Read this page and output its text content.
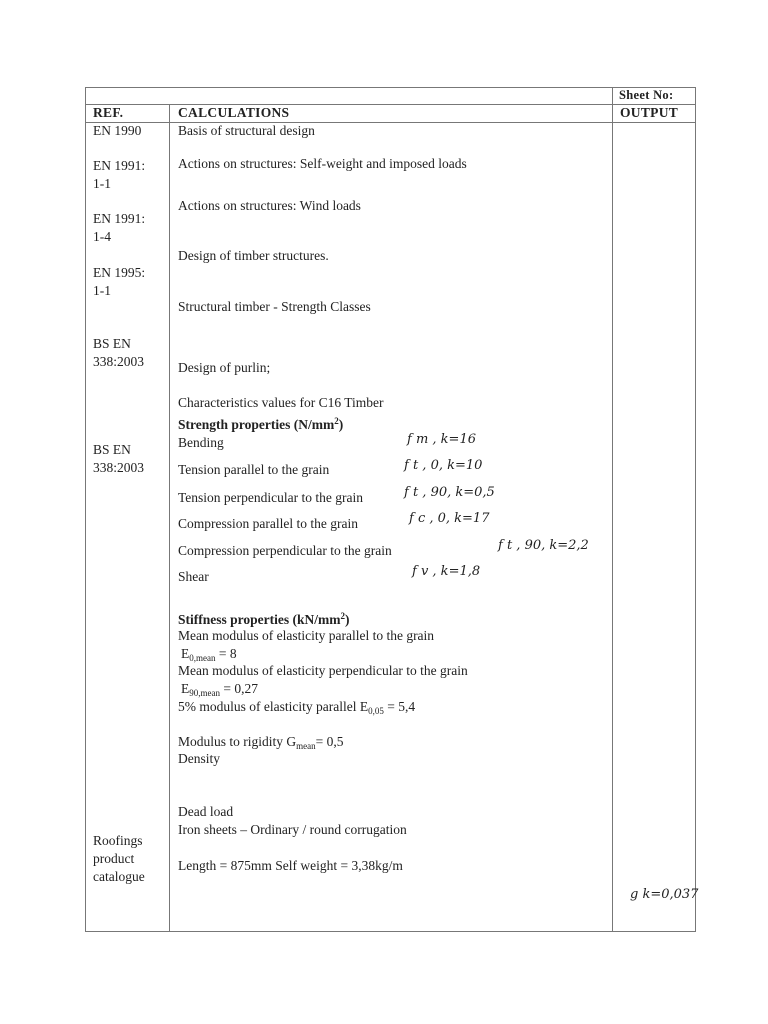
Sheet No:
REF.	CALCULATIONS	OUTPUT
EN 1990
EN 1991:
1-1
EN 1991:
1-4
EN 1995:
1-1
BS EN
338:2003
BS EN
338:2003
Roofings
product
catalogue
Basis of structural design
Actions on structures: Self-weight and imposed loads
Actions on structures: Wind loads
Design of timber structures.
Structural timber - Strength Classes
Design of purlin;
Characteristics values for C16 Timber
Strength properties $(N/mm^2)$
Bending
Tension parallel to the grain
Tension perpendicular to the grain
Compression parallel to the grain
Compression perpendicular to the grain
Shear
f m , k=16
f t , 0, k=10
f t , 90, k=0,5
f c , 0, k=17
f t , 90, k=2,2
f v , k=1,8
Stiffness properties $(kN/mm^2)$
Mean modulus of elasticity parallel to the grain
$E_{0,mean} = 8$
Mean modulus of elasticity perpendicular to the grain
$E_{90,mean} = 0,27$
5% modulus of elasticity parallel $E_{0,05} = 5,4$
Modulus to rigidity $G_{mean}= 0,5$
Density
Dead load
Iron sheets – Ordinary / round corrugation
Length = 875mm Self weight = 3,38kg/m
g k=0,037
